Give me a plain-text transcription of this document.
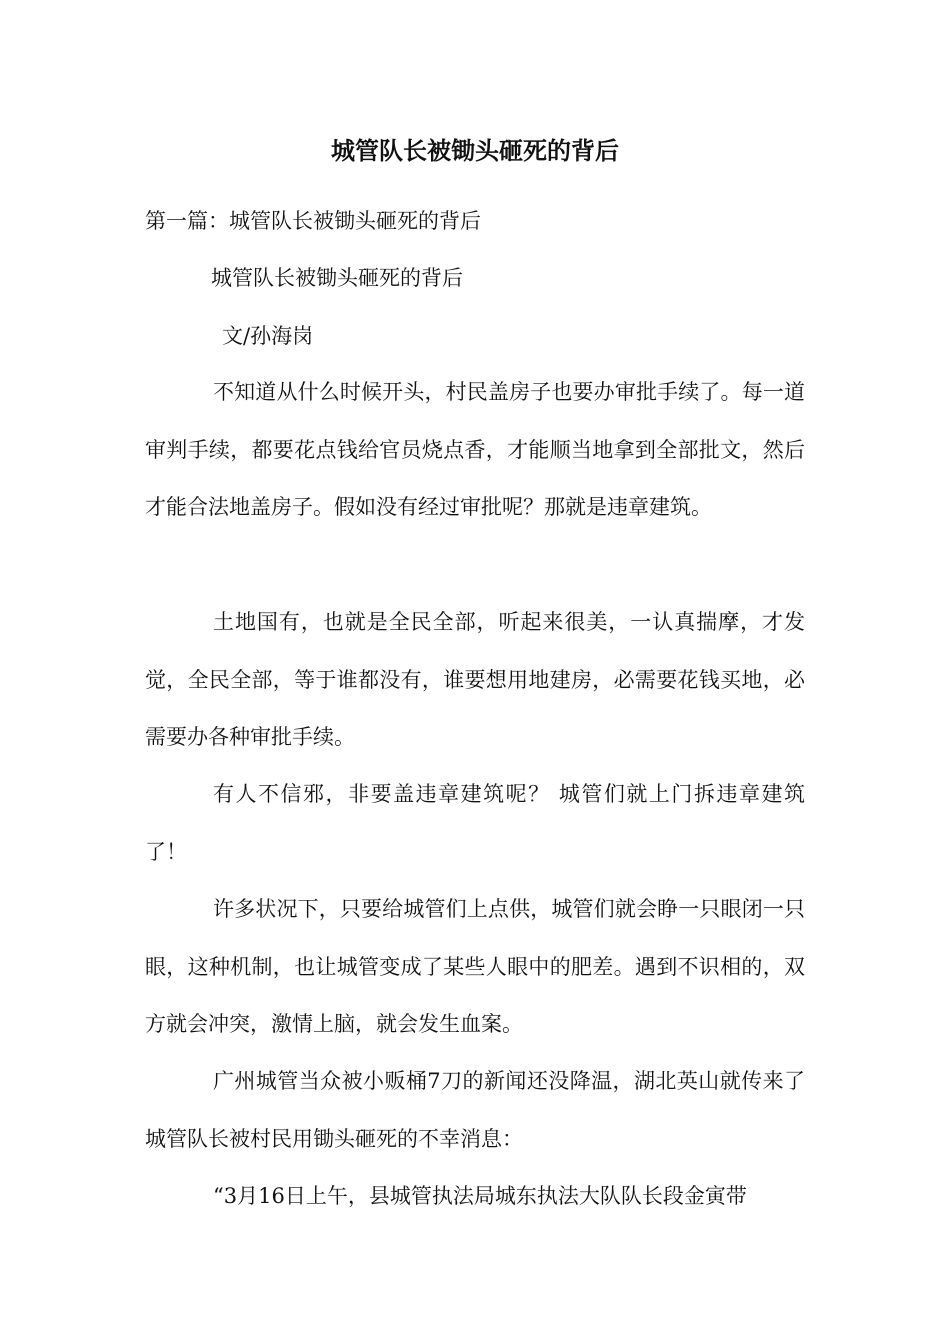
城管队长被锄头砸死的背后

第一篇：城管队长被锄头砸死的背后

城管队长被锄头砸死的背后

文/孙海岗

不知道从什么时候开头，村民盖房子也要办审批手续了。每一道审判手续，都要花点钱给官员烧点香，才能顺当地拿到全部批文，然后才能合法地盖房子。假如没有经过审批呢？那就是违章建筑。

土地国有，也就是全民全部，听起来很美，一认真揣摩，才发觉，全民全部，等于谁都没有，谁要想用地建房，必需要花钱买地，必需要办各种审批手续。

有人不信邪，非要盖违章建筑呢？ 城管们就上门拆违章建筑了！

许多状况下，只要给城管们上点供，城管们就会睁一只眼闭一只眼，这种机制，也让城管变成了某些人眼中的肥差。遇到不识相的，双方就会冲突，激情上脑，就会发生血案。

广州城管当众被小贩桶7刀的新闻还没降温，湖北英山就传来了城管队长被村民用锄头砸死的不幸消息：

“3月16日上午，县城管执法局城东执法大队队长段金寅带
